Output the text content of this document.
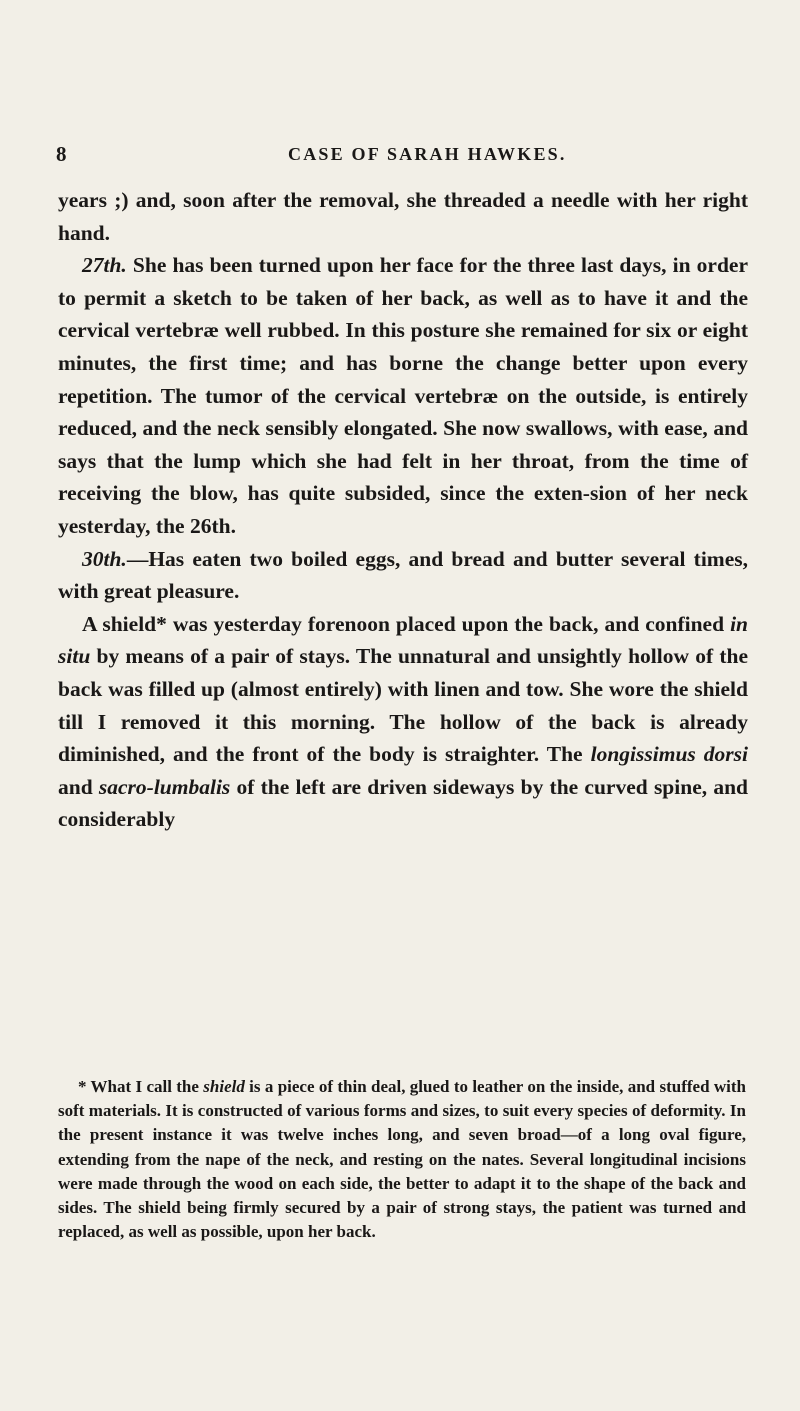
8	CASE OF SARAH HAWKES.

years ;) and, soon after the removal, she threaded a needle with her right hand.

27th. She has been turned upon her face for the three last days, in order to permit a sketch to be taken of her back, as well as to have it and the cervical vertebræ well rubbed. In this posture she remained for six or eight minutes, the first time; and has borne the change better upon every repetition. The tumor of the cervical vertebræ on the outside, is entirely reduced, and the neck sensibly elongated. She now swallows, with ease, and says that the lump which she had felt in her throat, from the time of receiving the blow, has quite subsided, since the exten-sion of her neck yesterday, the 26th.

30th.—Has eaten two boiled eggs, and bread and butter several times, with great pleasure.

A shield* was yesterday forenoon placed upon the back, and confined in situ by means of a pair of stays. The unnatural and unsightly hollow of the back was filled up (almost entirely) with linen and tow. She wore the shield till I removed it this morning. The hollow of the back is already diminished, and the front of the body is straighter. The longissimus dorsi and sacro-lumbalis of the left are driven sideways by the curved spine, and considerably

* What I call the shield is a piece of thin deal, glued to leather on the inside, and stuffed with soft materials. It is constructed of various forms and sizes, to suit every species of deformity. In the present instance it was twelve inches long, and seven broad—of a long oval figure, extending from the nape of the neck, and resting on the nates. Several longitudinal incisions were made through the wood on each side, the better to adapt it to the shape of the back and sides. The shield being firmly secured by a pair of strong stays, the patient was turned and replaced, as well as possible, upon her back.
